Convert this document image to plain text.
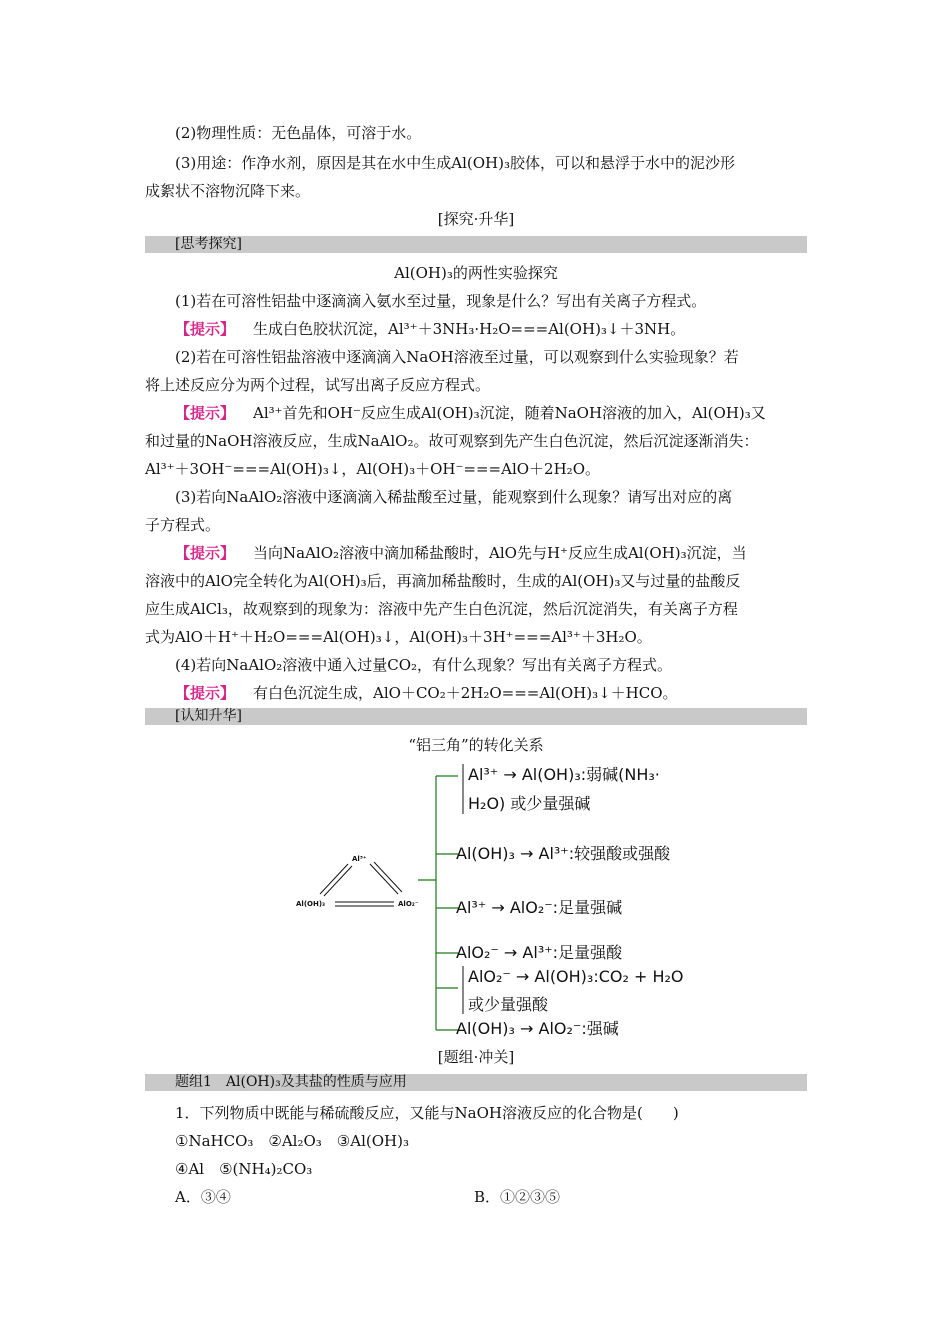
(2)物理性质：无色晶体，可溶于水。
(3)用途：作净水剂，原因是其在水中生成Al(OH)₃胶体，可以和悬浮于水中的泥沙形
成絮状不溶物沉降下来。
[探究·升华]
[思考探究]
Al(OH)₃的两性实验探究
(1)若在可溶性铝盐中逐滴滴入氨水至过量，现象是什么？写出有关离子方程式。
【提示】 生成白色胶状沉淀，Al³⁺＋3NH₃·H₂O===Al(OH)₃↓＋3NH。
(2)若在可溶性铝盐溶液中逐滴滴入NaOH溶液至过量，可以观察到什么实验现象？若
将上述反应分为两个过程，试写出离子反应方程式。
【提示】 Al³⁺首先和OH⁻反应生成Al(OH)₃沉淀，随着NaOH溶液的加入，Al(OH)₃又
和过量的NaOH溶液反应，生成NaAlO₂。故可观察到先产生白色沉淀，然后沉淀逐渐消失：
Al³⁺＋3OH⁻===Al(OH)₃↓，Al(OH)₃＋OH⁻===AlO＋2H₂O。
(3)若向NaAlO₂溶液中逐滴滴入稀盐酸至过量，能观察到什么现象？请写出对应的离
子方程式。
【提示】 当向NaAlO₂溶液中滴加稀盐酸时，AlO先与H⁺反应生成Al(OH)₃沉淀，当
溶液中的AlO完全转化为Al(OH)₃后，再滴加稀盐酸时，生成的Al(OH)₃又与过量的盐酸反
应生成AlCl₃，故观察到的现象为：溶液中先产生白色沉淀，然后沉淀消失，有关离子方程
式为AlO＋H⁺＋H₂O===Al(OH)₃↓，Al(OH)₃＋3H⁺===Al³⁺＋3H₂O。
(4)若向NaAlO₂溶液中通入过量CO₂，有什么现象？写出有关离子方程式。
【提示】 有白色沉淀生成，AlO＋CO₂＋2H₂O===Al(OH)₃↓＋HCO。
[认知升华]
“铝三角”的转化关系
Al³⁺
Al(OH)₃	AlO₂⁻
Al³⁺ → Al(OH)₃:弱碱(NH₃·
H₂O) 或少量强碱
Al(OH)₃ → Al³⁺:较强酸或强酸
Al³⁺ → AlO₂⁻:足量强碱
AlO₂⁻ → Al³⁺:足量强酸
AlO₂⁻ → Al(OH)₃:CO₂ + H₂O
或少量强酸
Al(OH)₃ → AlO₂⁻:强碱
[题组·冲关]
题组1　Al(OH)₃及其盐的性质与应用
1．下列物质中既能与稀硫酸反应，又能与NaOH溶液反应的化合物是(　　)
①NaHCO₃　②Al₂O₃　③Al(OH)₃
④Al　⑤(NH₄)₂CO₃
A．③④	B．①②③⑤
